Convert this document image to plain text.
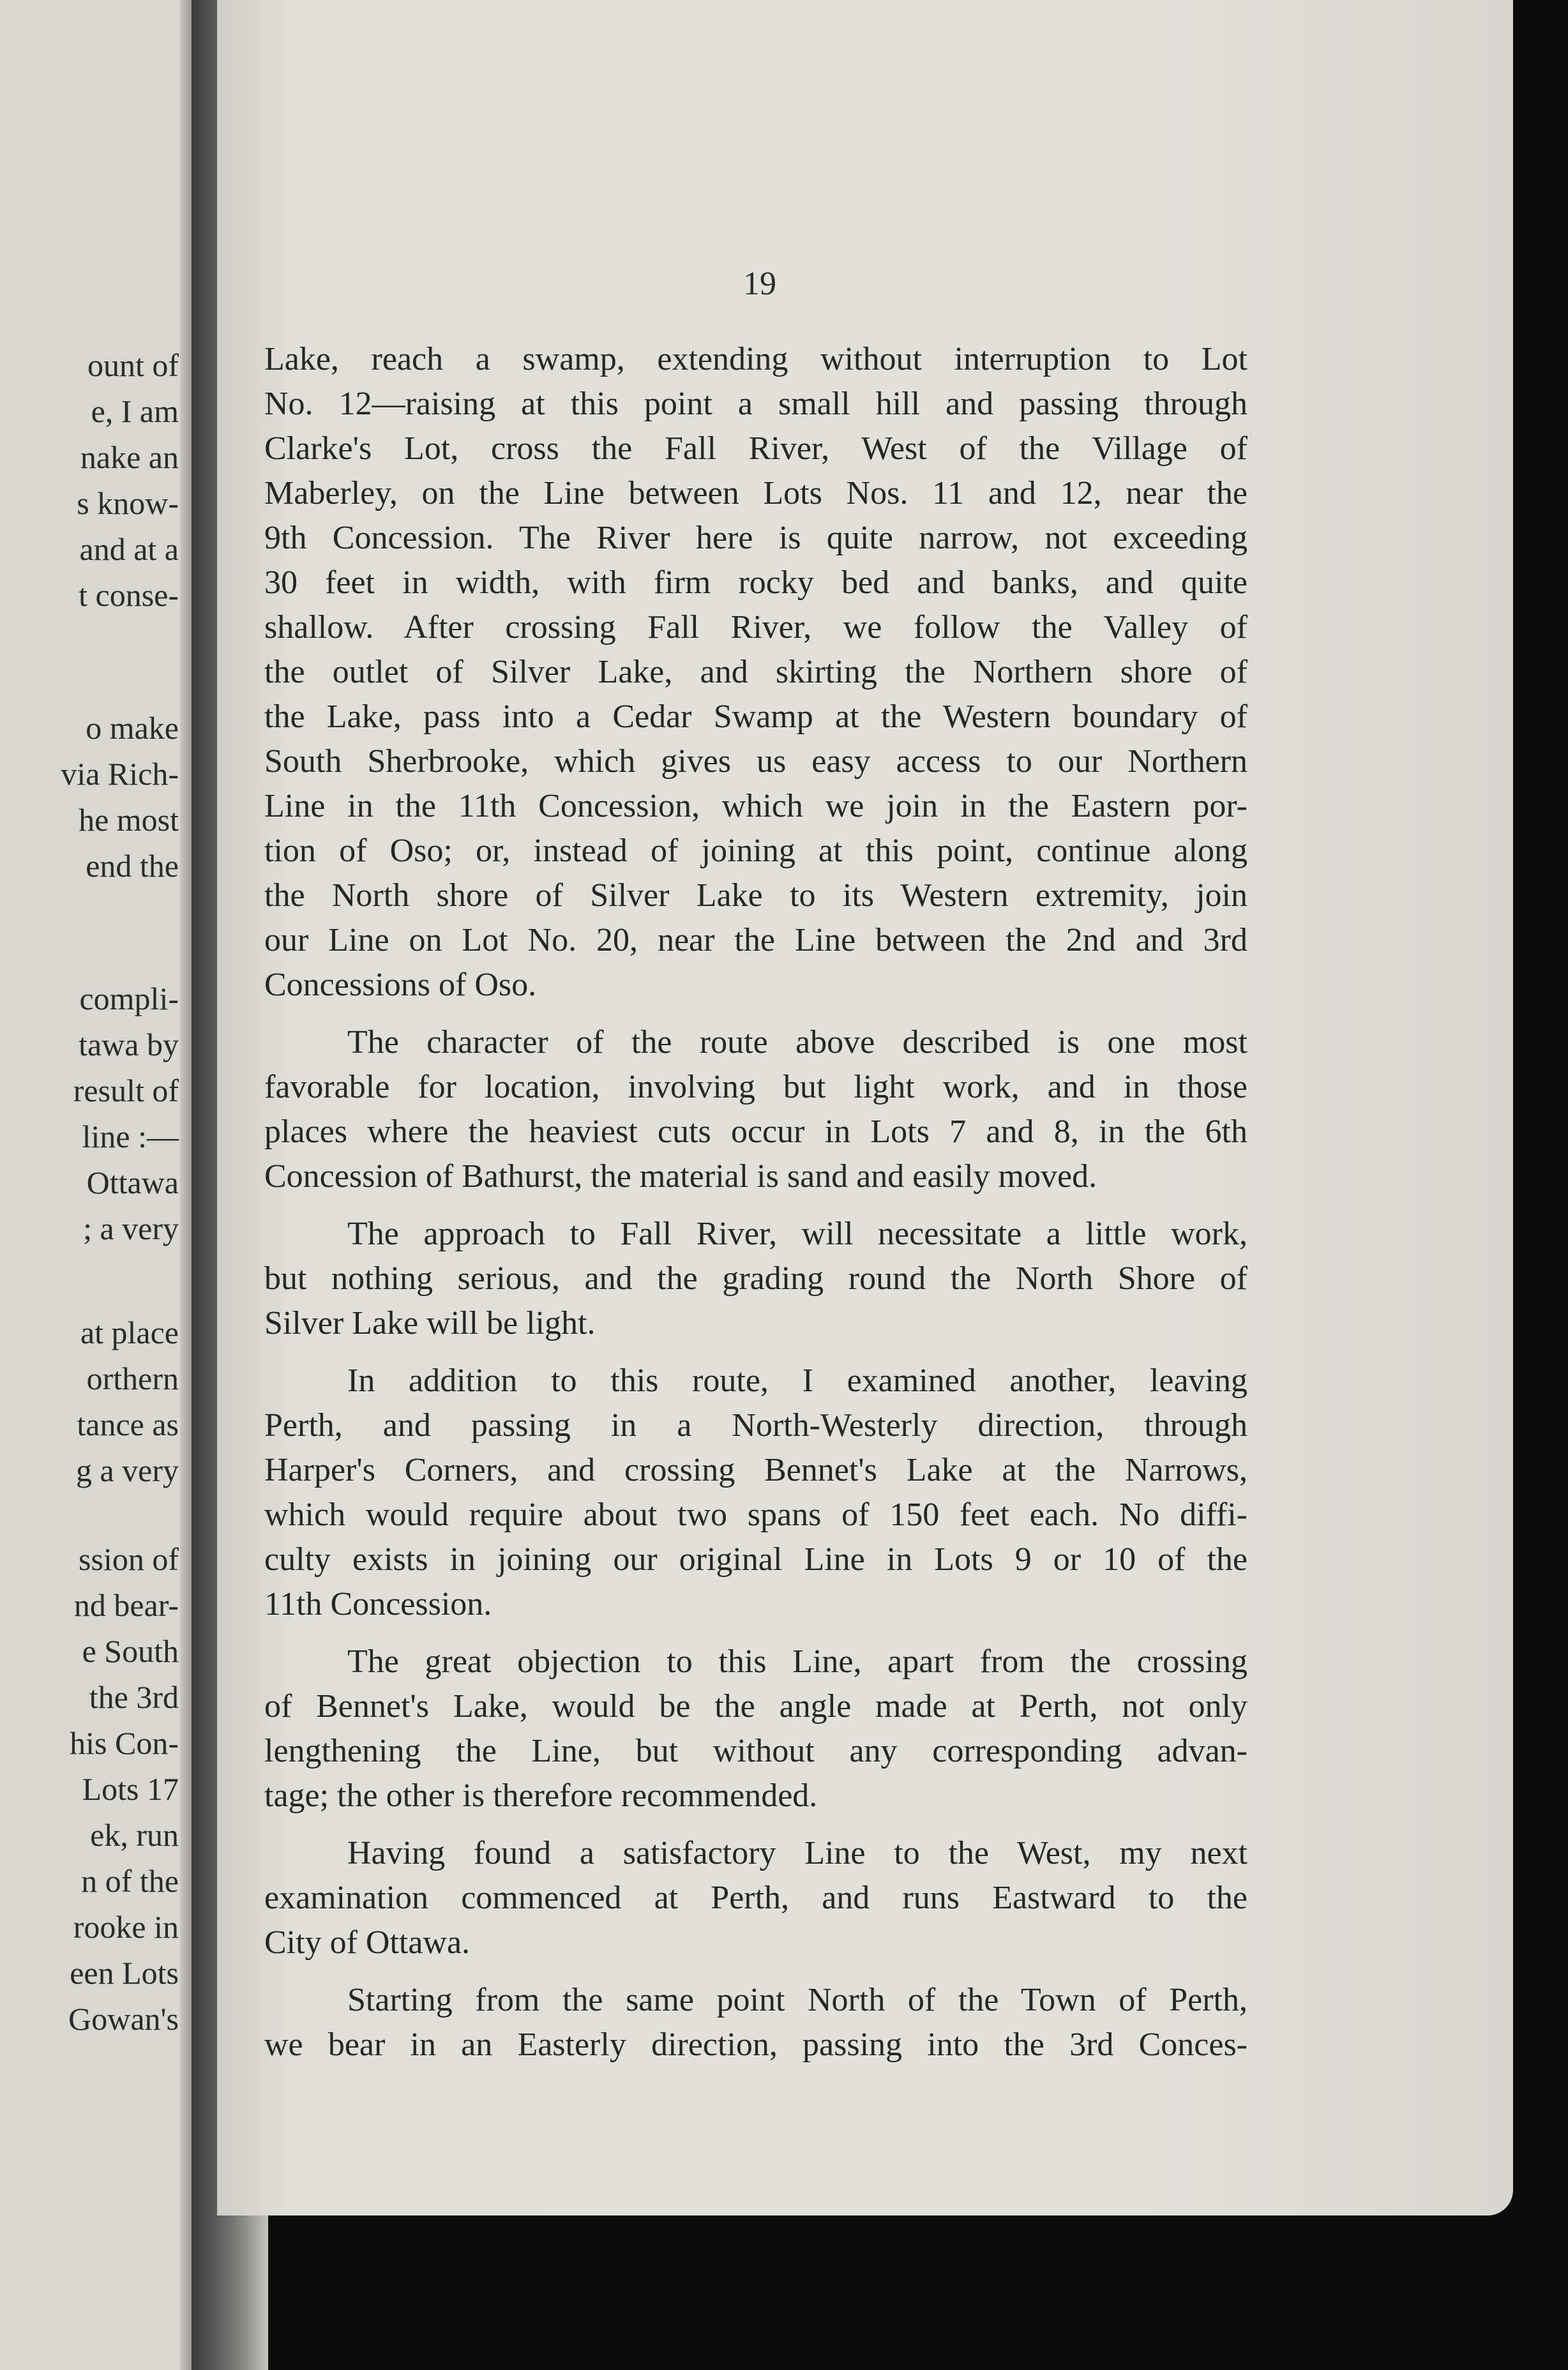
ount of
e, I am
nake an
s know-
and at a
t conse-
o make
via Rich-
he most
end the
compli-
tawa by
result of
line :—
Ottawa
; a very
at place
orthern
tance as
g a very
ssion of
nd bear-
e South
the 3rd
his Con-
Lots 17
ek, run
n of the
rooke in
een Lots
Gowan's
19
Lake, reach a swamp, extending without interruption to Lot
No. 12—raising at this point a small hill and passing through
Clarke's Lot, cross the Fall River, West of the Village of
Maberley, on the Line between Lots Nos. 11 and 12, near the
9th Concession. The River here is quite narrow, not exceeding
30 feet in width, with firm rocky bed and banks, and quite
shallow. After crossing Fall River, we follow the Valley of
the outlet of Silver Lake, and skirting the Northern shore of
the Lake, pass into a Cedar Swamp at the Western boundary of
South Sherbrooke, which gives us easy access to our Northern
Line in the 11th Concession, which we join in the Eastern por-
tion of Oso; or, instead of joining at this point, continue along
the North shore of Silver Lake to its Western extremity, join
our Line on Lot No. 20, near the Line between the 2nd and 3rd
Concessions of Oso.
The character of the route above described is one most
favorable for location, involving but light work, and in those
places where the heaviest cuts occur in Lots 7 and 8, in the 6th
Concession of Bathurst, the material is sand and easily moved.
The approach to Fall River, will necessitate a little work,
but nothing serious, and the grading round the North Shore of
Silver Lake will be light.
In addition to this route, I examined another, leaving
Perth, and passing in a North-Westerly direction, through
Harper's Corners, and crossing Bennet's Lake at the Narrows,
which would require about two spans of 150 feet each. No diffi-
culty exists in joining our original Line in Lots 9 or 10 of the
11th Concession.
The great objection to this Line, apart from the crossing
of Bennet's Lake, would be the angle made at Perth, not only
lengthening the Line, but without any corresponding advan-
tage; the other is therefore recommended.
Having found a satisfactory Line to the West, my next
examination commenced at Perth, and runs Eastward to the
City of Ottawa.
Starting from the same point North of the Town of Perth,
we bear in an Easterly direction, passing into the 3rd Conces-
